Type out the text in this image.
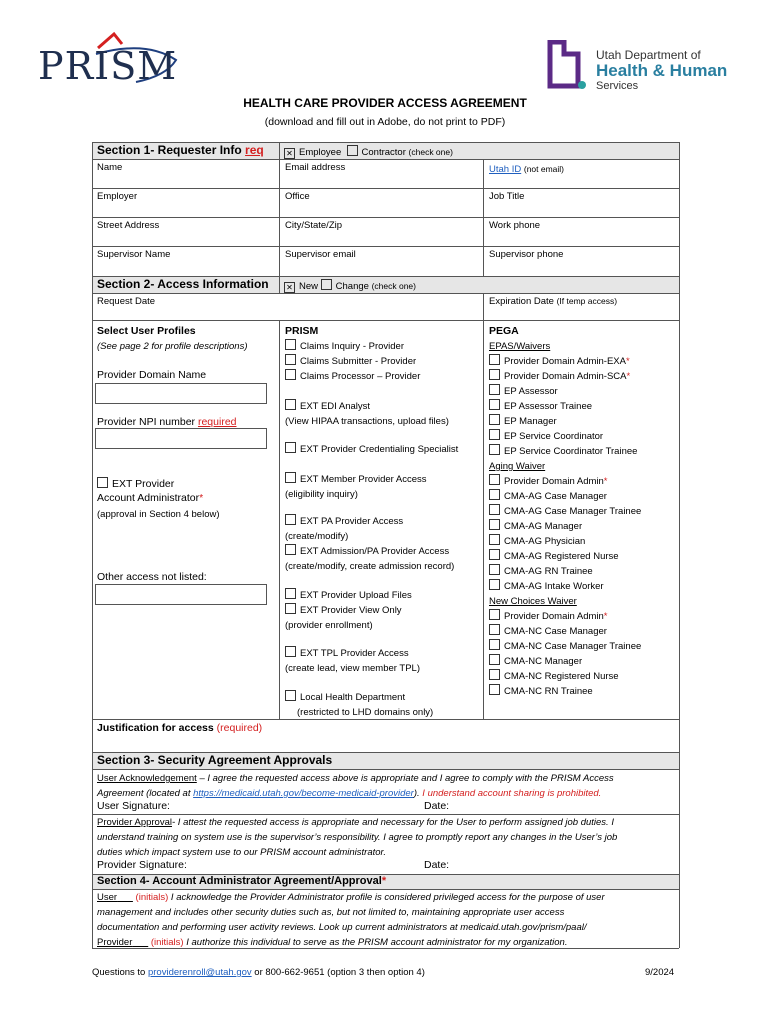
PRISM	Utah Department of
Health & Human
Services
HEALTH CARE PROVIDER ACCESS AGREEMENT
(download and fill out in Adobe, do not print to PDF)
Section 1- Requester Info req	✕ Employee Contractor (check one)
Name	Email address	Utah ID (not email)
Employer	Office	Job Title
Street Address	City/State/Zip	Work phone
Supervisor Name	Supervisor email	Supervisor phone
Section 2- Access Information ✕ New Change (check one)
Request Date	Expiration Date (If temp access)
Select User Profiles
(See page 2 for profile descriptions)
Provider Domain Name
Provider NPI number required
EXT Provider
Account Administrator*
(approval in Section 4 below)
Other access not listed:
PRISM
Claims Inquiry - Provider
Claims Submitter - Provider
Claims Processor – Provider
EXT EDI Analyst
(View HIPAA transactions, upload files)
EXT Provider Credentialing Specialist
EXT Member Provider Access
(eligibility inquiry)
EXT PA Provider Access
(create/modify)
EXT Admission/PA Provider Access
(create/modify, create admission record)
EXT Provider Upload Files
EXT Provider View Only
(provider enrollment)
EXT TPL Provider Access
(create lead, view member TPL)
Local Health Department
(restricted to LHD domains only)
PEGA
EPAS/Waivers
Provider Domain Admin-EXA*
Provider Domain Admin-SCA*
EP Assessor
EP Assessor Trainee
EP Manager
EP Service Coordinator
EP Service Coordinator Trainee
Aging Waiver
Provider Domain Admin*
CMA-AG Case Manager
CMA-AG Case Manager Trainee
CMA-AG Manager
CMA-AG Physician
CMA-AG Registered Nurse
CMA-AG RN Trainee
CMA-AG Intake Worker
New Choices Waiver
Provider Domain Admin*
CMA-NC Case Manager
CMA-NC Case Manager Trainee
CMA-NC Manager
CMA-NC Registered Nurse
CMA-NC RN Trainee
Justification for access (required)
Section 3- Security Agreement Approvals
User Acknowledgement – I agree the requested access above is appropriate and I agree to comply with the PRISM Access
Agreement (located at https://medicaid.utah.gov/become-medicaid-provider). I understand account sharing is prohibited.
User Signature:	Date:
Provider Approval- I attest the requested access is appropriate and necessary for the User to perform assigned job duties. I
understand training on system use is the supervisor’s responsibility. I agree to promptly report any changes in the User’s job
duties which impact system use to our PRISM account administrator.
Provider Signature:	Date:
Section 4- Account Administrator Agreement/Approval*
User (initials) I acknowledge the Provider Administrator profile is considered privileged access for the purpose of user
management and includes other security duties such as, but not limited to, maintaining appropriate user access
documentation and performing user activity reviews. Look up current administrators at medicaid.utah.gov/prism/paal/
Provider (initials) I authorize this individual to serve as the PRISM account administrator for my organization.
Questions to providerenroll@utah.gov or 800-662-9651 (option 3 then option 4)	9/2024
